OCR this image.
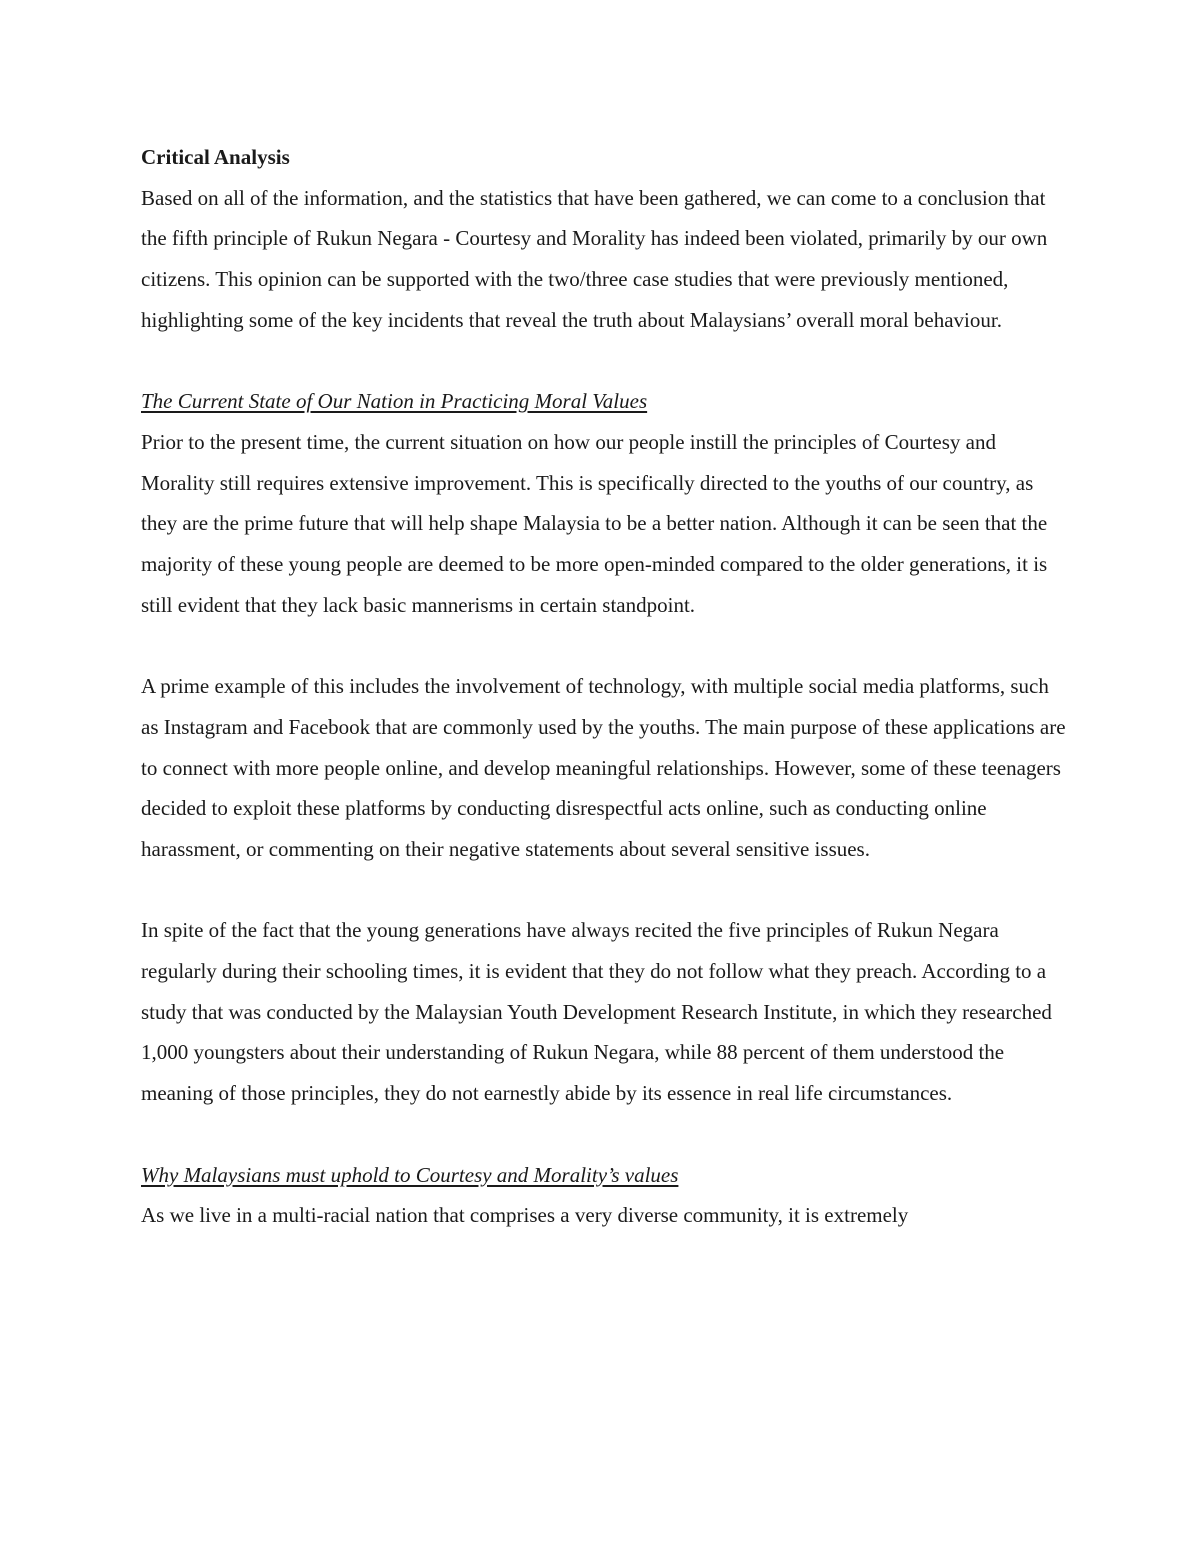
Critical Analysis

Based on all of the information, and the statistics that have been gathered, we can come to a conclusion that the fifth principle of Rukun Negara - Courtesy and Morality has indeed been violated, primarily by our own citizens. This opinion can be supported with the two/three case studies that were previously mentioned, highlighting some of the key incidents that reveal the truth about Malaysians’ overall moral behaviour.

The Current State of Our Nation in Practicing Moral Values

Prior to the present time, the current situation on how our people instill the principles of Courtesy and Morality still requires extensive improvement. This is specifically directed to the youths of our country, as they are the prime future that will help shape Malaysia to be a better nation. Although it can be seen that the majority of these young people are deemed to be more open-minded compared to the older generations, it is still evident that they lack basic mannerisms in certain standpoint.

A prime example of this includes the involvement of technology, with multiple social media platforms, such as Instagram and Facebook that are commonly used by the youths. The main purpose of these applications are to connect with more people online, and develop meaningful relationships. However, some of these teenagers decided to exploit these platforms by conducting disrespectful acts online, such as conducting online harassment, or commenting on their negative statements about several sensitive issues.

In spite of the fact that the young generations have always recited the five principles of Rukun Negara regularly during their schooling times, it is evident that they do not follow what they preach. According to a study that was conducted by the Malaysian Youth Development Research Institute, in which they researched 1,000 youngsters about their understanding of Rukun Negara, while 88 percent of them understood the meaning of those principles, they do not earnestly abide by its essence in real life circumstances.

Why Malaysians must uphold to Courtesy and Morality’s values

As we live in a multi-racial nation that comprises a very diverse community, it is extremely
